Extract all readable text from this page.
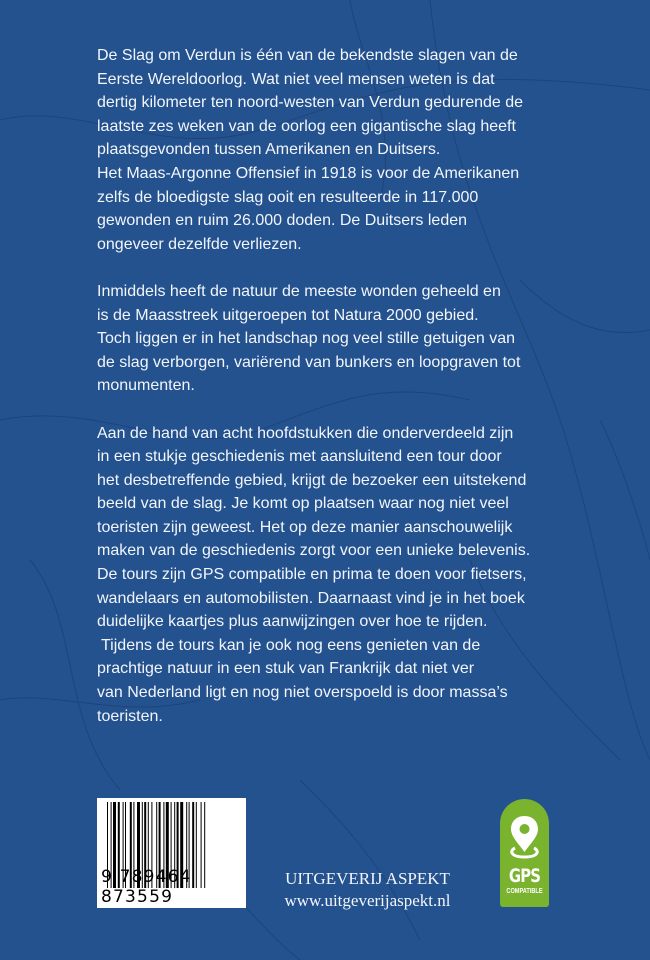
De Slag om Verdun is één van de bekendste slagen van de
Eerste Wereldoorlog. Wat niet veel mensen weten is dat
dertig kilometer ten noord-westen van Verdun gedurende de
laatste zes weken van de oorlog een gigantische slag heeft
plaatsgevonden tussen Amerikanen en Duitsers.
Het Maas-Argonne Offensief in 1918 is voor de Amerikanen
zelfs de bloedigste slag ooit en resulteerde in 117.000
gewonden en ruim 26.000 doden. De Duitsers leden
ongeveer dezelfde verliezen.

Inmiddels heeft de natuur de meeste wonden geheeld en
is de Maasstreek uitgeroepen tot Natura 2000 gebied.
Toch liggen er in het landschap nog veel stille getuigen van
de slag verborgen, variërend van bunkers en loopgraven tot
monumenten.

Aan de hand van acht hoofdstukken die onderverdeeld zijn
in een stukje geschiedenis met aansluitend een tour door
het desbetreffende gebied, krijgt de bezoeker een uitstekend
beeld van de slag. Je komt op plaatsen waar nog niet veel
toeristen zijn geweest. Het op deze manier aanschouwelijk
maken van de geschiedenis zorgt voor een unieke belevenis.
De tours zijn GPS compatible en prima te doen voor fietsers,
wandelaars en automobilisten. Daarnaast vind je in het boek
duidelijke kaartjes plus aanwijzingen over hoe te rijden.
Tijdens de tours kan je ook nog eens genieten van de
prachtige natuur in een stuk van Frankrijk dat niet ver
van Nederland ligt en nog niet overspoeld is door massa’s
toeristen.

9 789464 873559
UITGEVERIJ ASPEKT
www.uitgeverijaspekt.nl
GPS
COMPATIBLE
